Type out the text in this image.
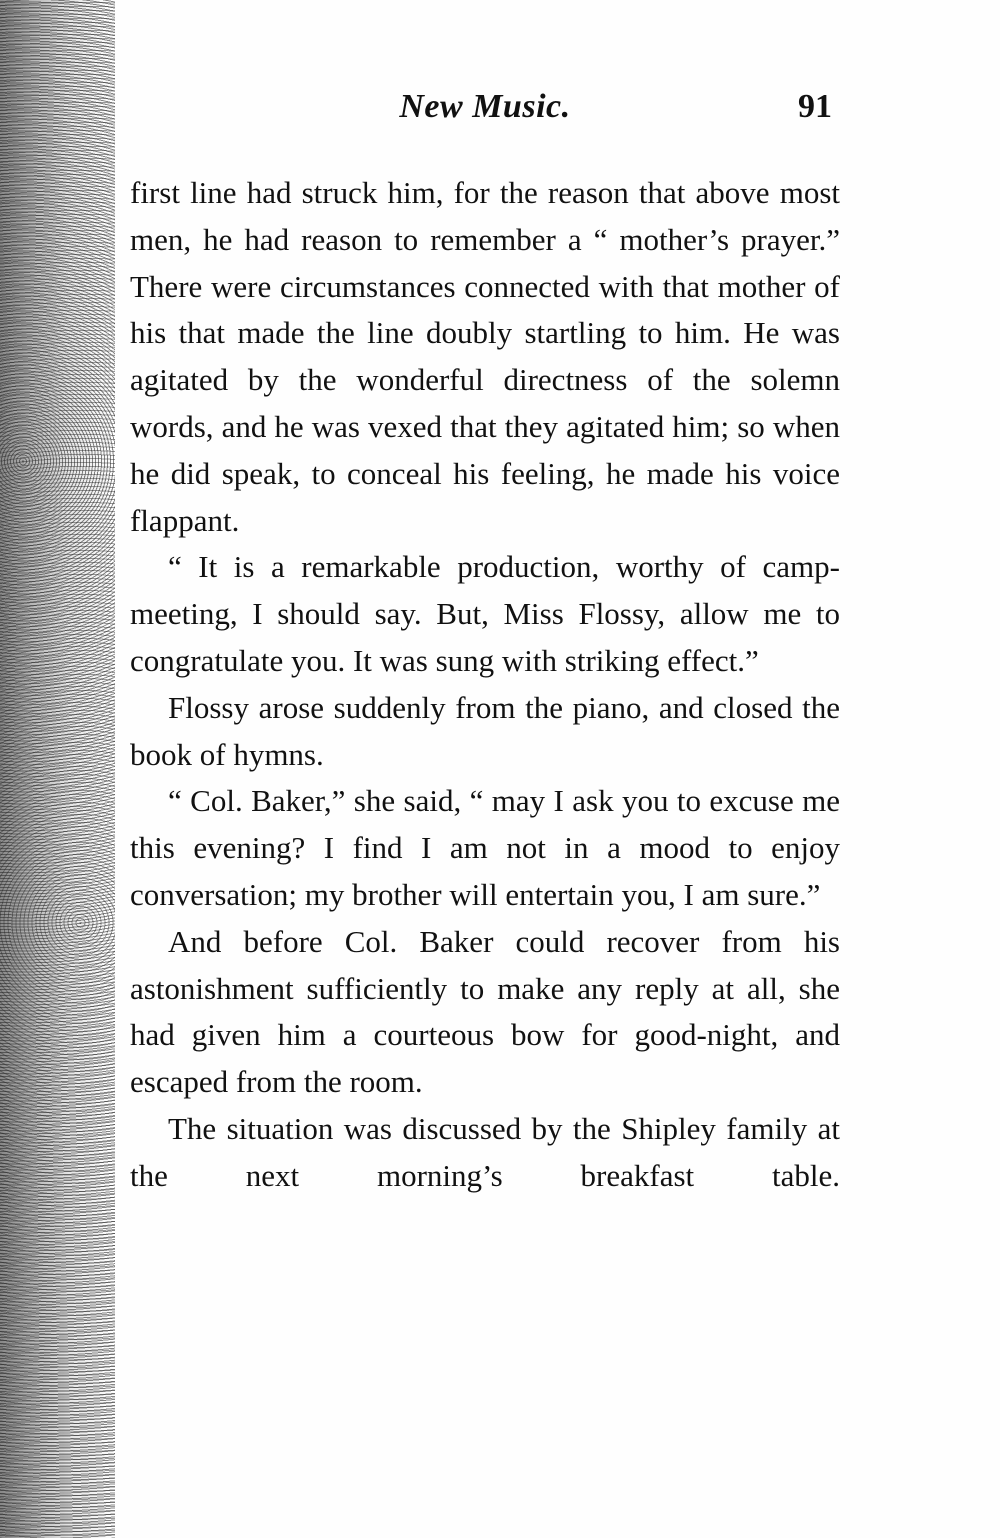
New Music.	91

first line had struck him, for the reason that above most men, he had reason to remember a “ mother’s prayer.” There were circumstances connected with that mother of his that made the line doubly startling to him. He was agitated by the wonderful directness of the solemn words, and he was vexed that they agitated him; so when he did speak, to conceal his feeling, he made his voice flappant.

“ It is a remarkable production, worthy of camp-meeting, I should say. But, Miss Flossy, allow me to congratulate you. It was sung with striking effect.”

Flossy arose suddenly from the piano, and closed the book of hymns.

“ Col. Baker,” she said, “ may I ask you to excuse me this evening? I find I am not in a mood to enjoy conversation; my brother will entertain you, I am sure.”

And before Col. Baker could recover from his astonishment sufficiently to make any reply at all, she had given him a courteous bow for good-night, and escaped from the room.

The situation was discussed by the Shipley family at the next morning’s breakfast table.
